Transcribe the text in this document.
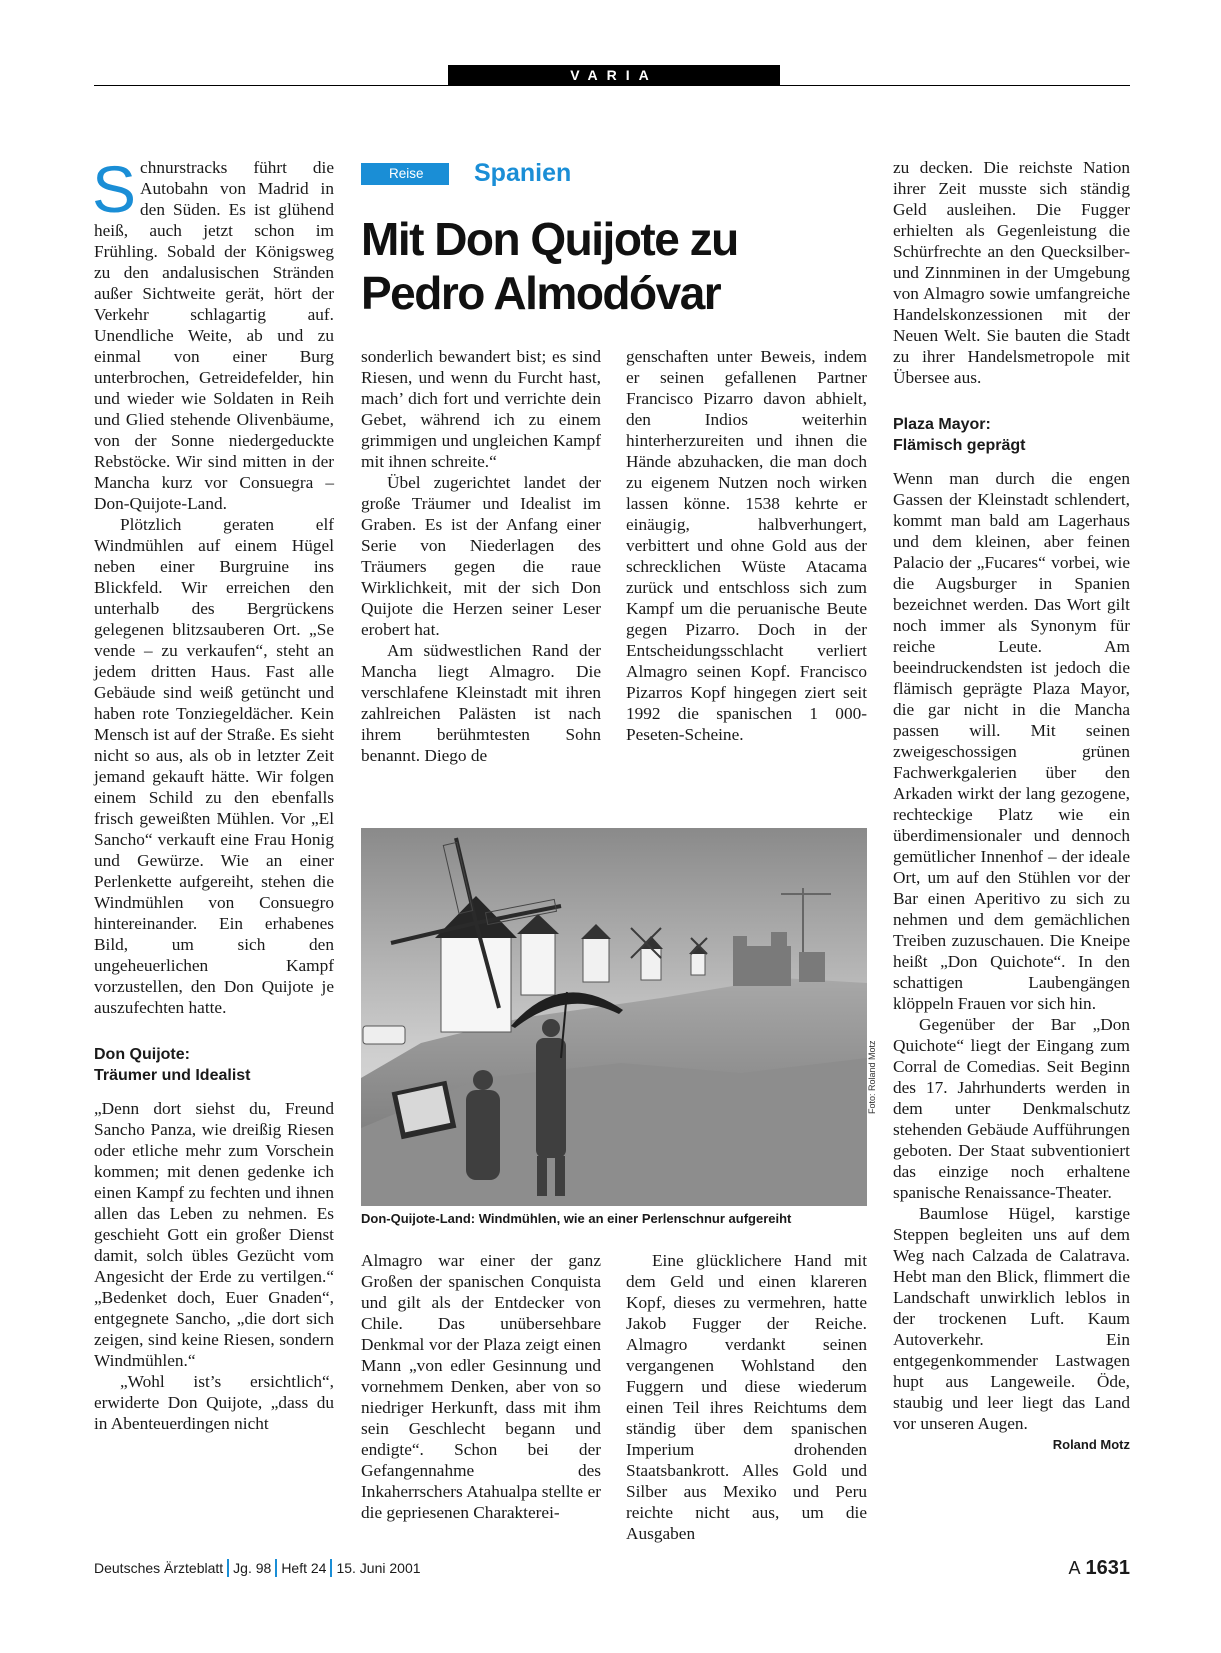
VARIA

Schnurstracks führt die Autobahn von Madrid in den Süden. Es ist glühend heiß, auch jetzt schon im Frühling. Sobald der Königsweg zu den andalusischen Stränden außer Sichtweite gerät, hört der Verkehr schlagartig auf. Unendliche Weite, ab und zu einmal von einer Burg unterbrochen, Getreidefelder, hin und wieder wie Soldaten in Reih und Glied stehende Olivenbäume, von der Sonne niedergeduckte Rebstöcke. Wir sind mitten in der Mancha kurz vor Consuegra – Don-Quijote-Land.

Plötzlich geraten elf Windmühlen auf einem Hügel neben einer Burgruine ins Blickfeld. Wir erreichen den unterhalb des Bergrückens gelegenen blitzsauberen Ort. „Se vende – zu verkaufen“, steht an jedem dritten Haus. Fast alle Gebäude sind weiß getüncht und haben rote Tonziegeldächer. Kein Mensch ist auf der Straße. Es sieht nicht so aus, als ob in letzter Zeit jemand gekauft hätte. Wir folgen einem Schild zu den ebenfalls frisch geweißten Mühlen. Vor „El Sancho“ verkauft eine Frau Honig und Gewürze. Wie an einer Perlenkette aufgereiht, stehen die Windmühlen von Consuegro hintereinander. Ein erhabenes Bild, um sich den ungeheuerlichen Kampf vorzustellen, den Don Quijote je auszufechten hatte.

Don Quijote:
Träumer und Idealist

„Denn dort siehst du, Freund Sancho Panza, wie dreißig Riesen oder etliche mehr zum Vorschein kommen; mit denen gedenke ich einen Kampf zu fechten und ihnen allen das Leben zu nehmen. Es geschieht Gott ein großer Dienst damit, solch übles Gezücht vom Angesicht der Erde zu vertilgen.“ „Bedenket doch, Euer Gnaden“, entgegnete Sancho, „die dort sich zeigen, sind keine Riesen, sondern Windmühlen.“

„Wohl ist’s ersichtlich“, erwiderte Don Quijote, „dass du in Abenteuerdingen nicht

Reise	Spanien
Mit Don Quijote zu
Pedro Almodóvar

sonderlich bewandert bist; es sind Riesen, und wenn du Furcht hast, mach’ dich fort und verrichte dein Gebet, während ich zu einem grimmigen und ungleichen Kampf mit ihnen schreite.“

Übel zugerichtet landet der große Träumer und Idealist im Graben. Es ist der Anfang einer Serie von Niederlagen des Träumers gegen die raue Wirklichkeit, mit der sich Don Quijote die Herzen seiner Leser erobert hat.

Am südwestlichen Rand der Mancha liegt Almagro. Die verschlafene Kleinstadt mit ihren zahlreichen Palästen ist nach ihrem berühmtesten Sohn benannt. Diego de

genschaften unter Beweis, indem er seinen gefallenen Partner Francisco Pizarro davon abhielt, den Indios weiterhin hinterherzureiten und ihnen die Hände abzuhacken, die man doch zu eigenem Nutzen noch wirken lassen könne. 1538 kehrte er einäugig, halbverhungert, verbittert und ohne Gold aus der schrecklichen Wüste Atacama zurück und entschloss sich zum Kampf um die peruanische Beute gegen Pizarro. Doch in der Entscheidungsschlacht verliert Almagro seinen Kopf. Francisco Pizarros Kopf hingegen ziert seit 1992 die spanischen 1 000-Peseten-Scheine.

Foto: Roland Motz
Don-Quijote-Land: Windmühlen, wie an einer Perlenschnur aufgereiht

Almagro war einer der ganz Großen der spanischen Conquista und gilt als der Entdecker von Chile. Das unübersehbare Denkmal vor der Plaza zeigt einen Mann „von edler Gesinnung und vornehmem Denken, aber von so niedriger Herkunft, dass mit ihm sein Geschlecht begann und endigte“. Schon bei der Gefangennahme des Inkaherrschers Atahualpa stellte er die gepriesenen Charakterei-

Eine glücklichere Hand mit dem Geld und einen klareren Kopf, dieses zu vermehren, hatte Jakob Fugger der Reiche. Almagro verdankt seinen vergangenen Wohlstand den Fuggern und diese wiederum einen Teil ihres Reichtums dem ständig über dem spanischen Imperium drohenden Staatsbankrott. Alles Gold und Silber aus Mexiko und Peru reichte nicht aus, um die Ausgaben

zu decken. Die reichste Nation ihrer Zeit musste sich ständig Geld ausleihen. Die Fugger erhielten als Gegenleistung die Schürfrechte an den Quecksilber- und Zinnminen in der Umgebung von Almagro sowie umfangreiche Handelskonzessionen mit der Neuen Welt. Sie bauten die Stadt zu ihrer Handelsmetropole mit Übersee aus.

Plaza Mayor:
Flämisch geprägt

Wenn man durch die engen Gassen der Kleinstadt schlendert, kommt man bald am Lagerhaus und dem kleinen, aber feinen Palacio der „Fucares“ vorbei, wie die Augsburger in Spanien bezeichnet werden. Das Wort gilt noch immer als Synonym für reiche Leute. Am beeindruckendsten ist jedoch die flämisch geprägte Plaza Mayor, die gar nicht in die Mancha passen will. Mit seinen zweigeschossigen grünen Fachwerkgalerien über den Arkaden wirkt der lang gezogene, rechteckige Platz wie ein überdimensionaler und dennoch gemütlicher Innenhof – der ideale Ort, um auf den Stühlen vor der Bar einen Aperitivo zu sich zu nehmen und dem gemächlichen Treiben zuzuschauen. Die Kneipe heißt „Don Quichote“. In den schattigen Laubengängen klöppeln Frauen vor sich hin.

Gegenüber der Bar „Don Quichote“ liegt der Eingang zum Corral de Comedias. Seit Beginn des 17. Jahrhunderts werden in dem unter Denkmalschutz stehenden Gebäude Aufführungen geboten. Der Staat subventioniert das einzige noch erhaltene spanische Renaissance-Theater.

Baumlose Hügel, karstige Steppen begleiten uns auf dem Weg nach Calzada de Calatrava. Hebt man den Blick, flimmert die Landschaft unwirklich leblos in der trockenen Luft. Kaum Autoverkehr. Ein entgegenkommender Lastwagen hupt aus Langeweile. Öde, staubig und leer liegt das Land vor unseren Augen.
Roland Motz

Deutsches Ärzteblatt Jg. 98 Heft 24 15. Juni 2001	A 1631
